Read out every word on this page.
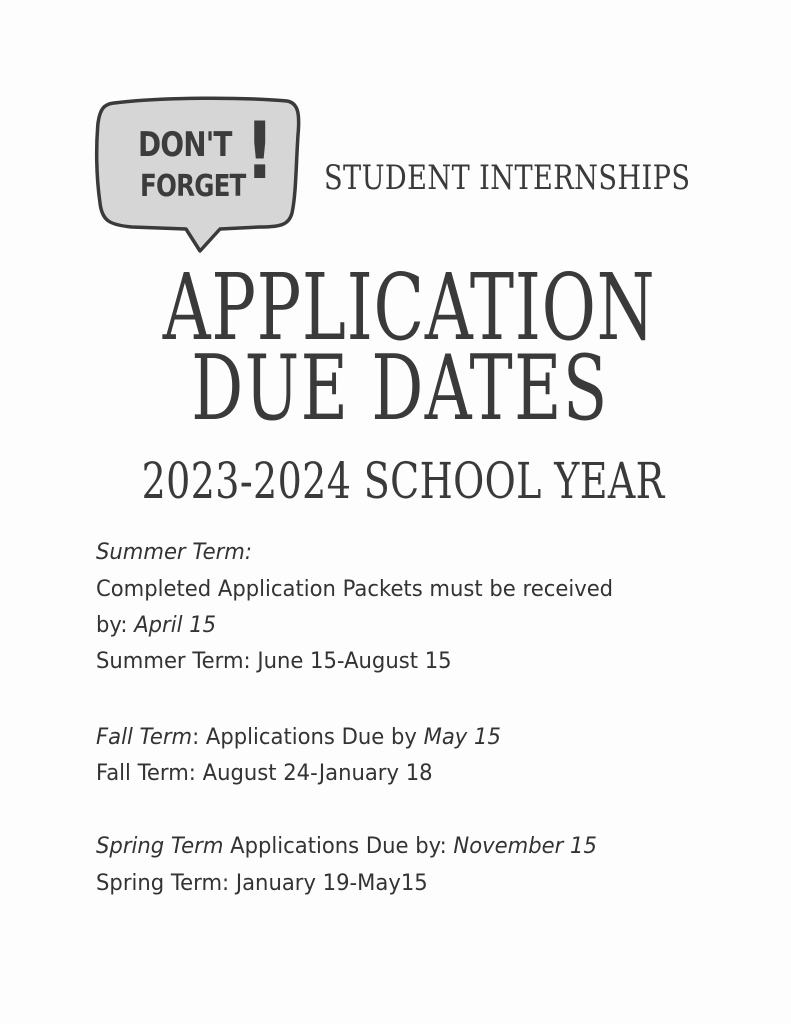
DON'T
FORGET ! STUDENT INTERNSHIPS
APPLICATION
DUE DATES
2023-2024 SCHOOL YEAR
Summer Term:
Completed Application Packets must be received
by: April 15
Summer Term: June 15-August 15
Fall Term: Applications Due by May 15
Fall Term: August 24-January 18
Spring Term Applications Due by: November 15
Spring Term: January 19-May15
